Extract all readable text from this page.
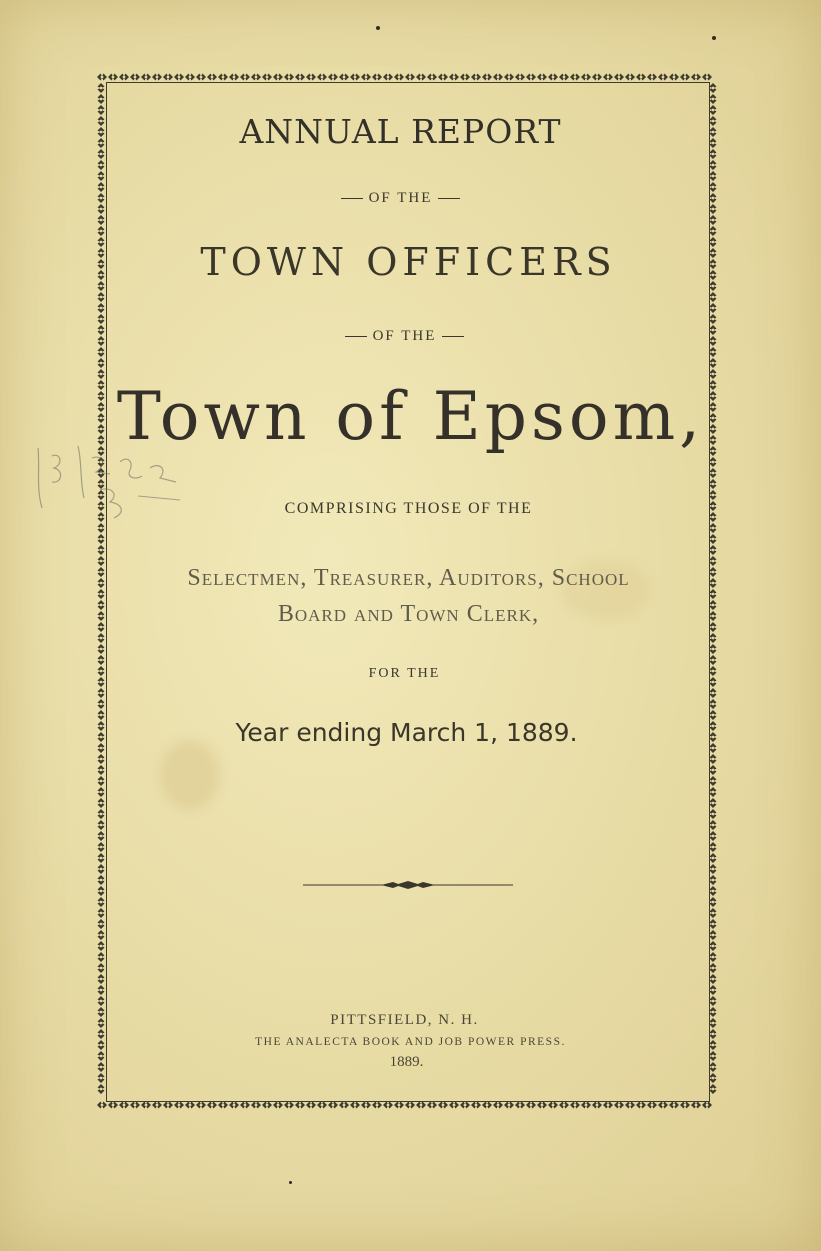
ANNUAL REPORT
OF THE
TOWN OFFICERS
OF THE
Town of Epsom,
COMPRISING THOSE OF THE
Selectmen, Treasurer, Auditors, School
Board and Town Clerk,
FOR THE
Year ending March 1, 1889.
PITTSFIELD, N. H.
THE ANALECTA BOOK AND JOB POWER PRESS.
1889.
